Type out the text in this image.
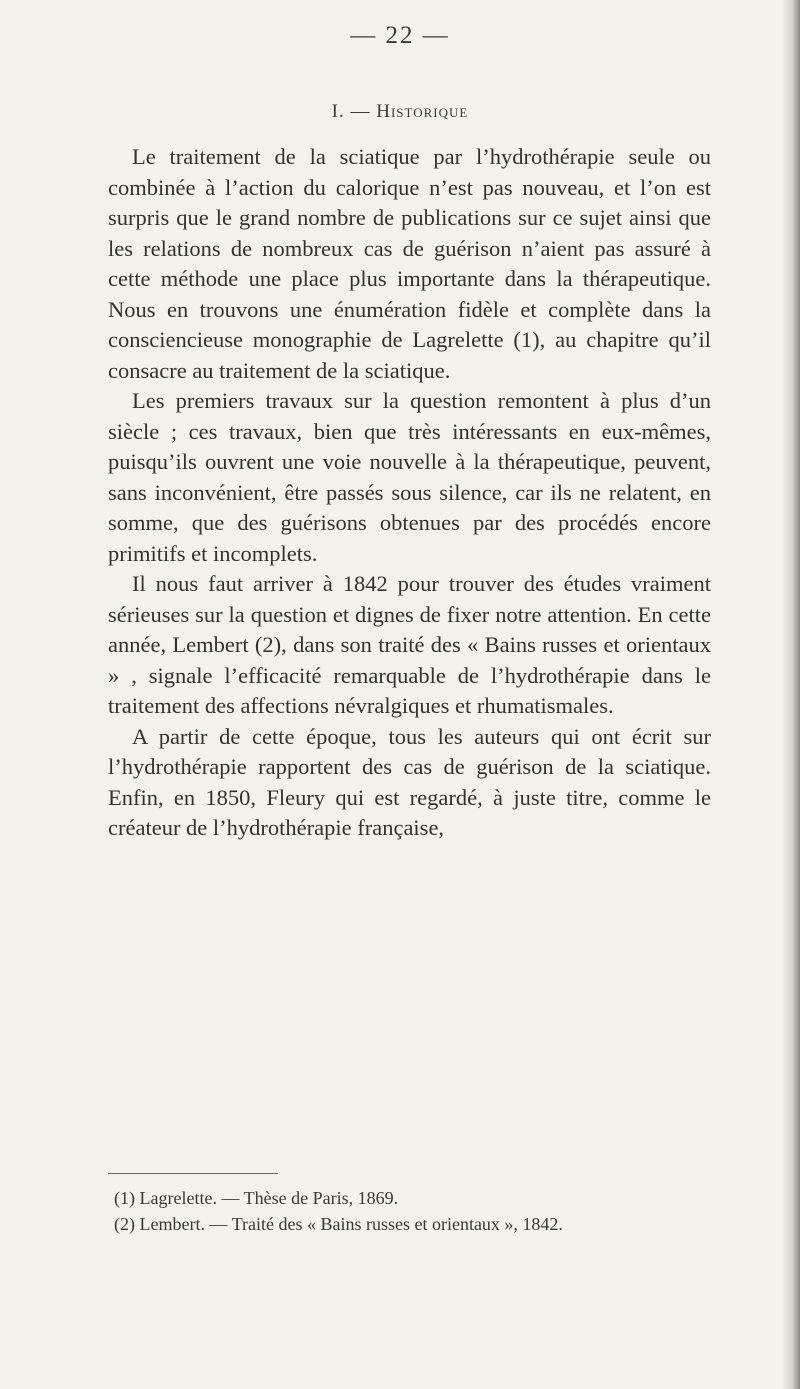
— 22 —
I. — Historique

Le traitement de la sciatique par l’hydrothérapie seule ou combinée à l’action du calorique n’est pas nouveau, et l’on est surpris que le grand nombre de publications sur ce sujet ainsi que les relations de nombreux cas de guérison n’aient pas assuré à cette méthode une place plus importante dans la thérapeutique. Nous en trouvons une énumération fidèle et complète dans la consciencieuse monographie de Lagrelette (1), au chapitre qu’il consacre au traitement de la sciatique.

Les premiers travaux sur la question remontent à plus d’un siècle ; ces travaux, bien que très intéressants en eux-mêmes, puisqu’ils ouvrent une voie nouvelle à la thérapeutique, peuvent, sans inconvénient, être passés sous silence, car ils ne relatent, en somme, que des guérisons obtenues par des procédés encore primitifs et incomplets.

Il nous faut arriver à 1842 pour trouver des études vraiment sérieuses sur la question et dignes de fixer notre attention. En cette année, Lembert (2), dans son traité des « Bains russes et orientaux » , signale l’efficacité remarquable de l’hydrothérapie dans le traitement des affections névralgiques et rhumatismales.

A partir de cette époque, tous les auteurs qui ont écrit sur l’hydrothérapie rapportent des cas de guérison de la sciatique. Enfin, en 1850, Fleury qui est regardé, à juste titre, comme le créateur de l’hydrothérapie française,

(1) Lagrelette. — Thèse de Paris, 1869.
(2) Lembert. — Traité des « Bains russes et orientaux », 1842.
